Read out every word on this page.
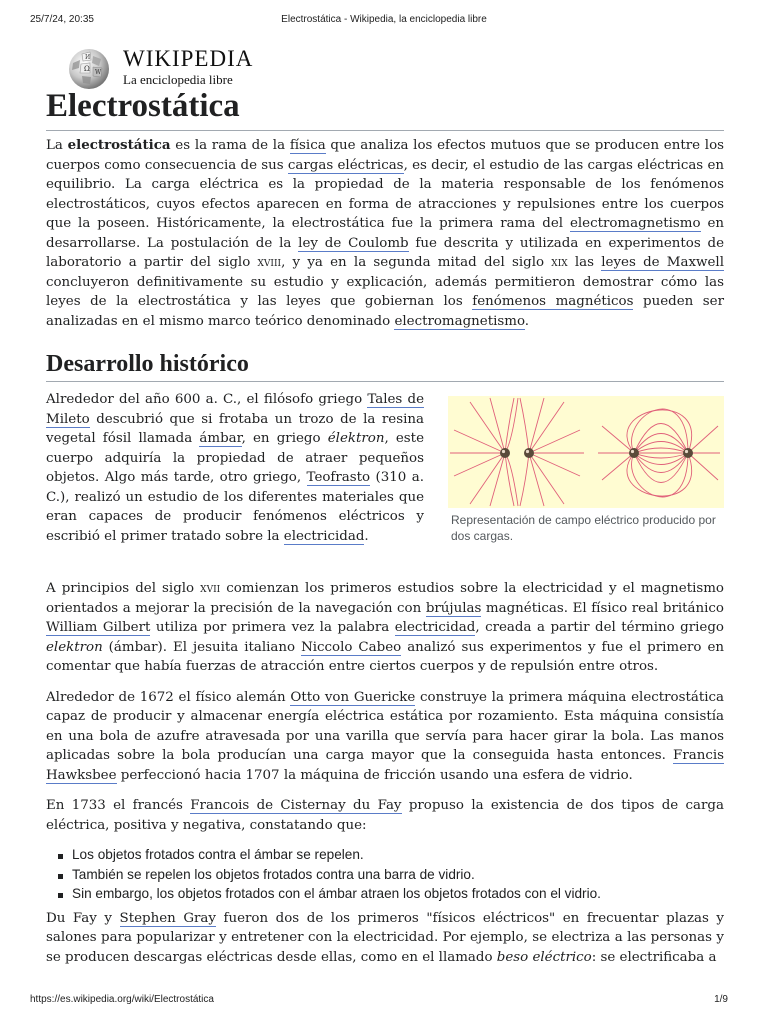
25/7/24, 20:35	Electrostática - Wikipedia, la enciclopedia libre
Ω W
И WIKIPEDIA
La enciclopedia libre
Electrostática

La electrostática es la rama de la física que analiza los efectos mutuos que se producen entre los cuerpos como consecuencia de sus cargas eléctricas, es decir, el estudio de las cargas eléctricas en equilibrio. La carga eléctrica es la propiedad de la materia responsable de los fenómenos electrostáticos, cuyos efectos aparecen en forma de atracciones y repulsiones entre los cuerpos que la poseen. Históricamente, la electrostática fue la primera rama del electromagnetismo en desarrollarse. La postulación de la ley de Coulomb fue descrita y utilizada en experimentos de laboratorio a partir del siglo xviii, y ya en la segunda mitad del siglo xix las leyes de Maxwell concluyeron definitivamente su estudio y explicación, además permitieron demostrar cómo las leyes de la electrostática y las leyes que gobiernan los fenómenos magnéticos pueden ser analizadas en el mismo marco teórico denominado electromagnetismo.

Desarrollo histórico

Alrededor del año 600 a. C., el filósofo griego Tales de Mileto descubrió que si frotaba un trozo de la resina vegetal fósil llamada ámbar, en griego élektron, este cuerpo adquiría la propiedad de atraer pequeños objetos. Algo más tarde, otro griego, Teofrasto (310 a. C.), realizó un estudio de los diferentes materiales que eran capaces de producir fenómenos eléctricos y escribió el primer tratado sobre la electricidad.

Representación de campo eléctrico producido por dos cargas.

A principios del siglo xvii comienzan los primeros estudios sobre la electricidad y el magnetismo orientados a mejorar la precisión de la navegación con brújulas magnéticas. El físico real británico William Gilbert utiliza por primera vez la palabra electricidad, creada a partir del término griego elektron (ámbar). El jesuita italiano Niccolo Cabeo analizó sus experimentos y fue el primero en comentar que había fuerzas de atracción entre ciertos cuerpos y de repulsión entre otros.

Alrededor de 1672 el físico alemán Otto von Guericke construye la primera máquina electrostática capaz de producir y almacenar energía eléctrica estática por rozamiento. Esta máquina consistía en una bola de azufre atravesada por una varilla que servía para hacer girar la bola. Las manos aplicadas sobre la bola producían una carga mayor que la conseguida hasta entonces. Francis Hawksbee perfeccionó hacia 1707 la máquina de fricción usando una esfera de vidrio.

En 1733 el francés Francois de Cisternay du Fay propuso la existencia de dos tipos de carga eléctrica, positiva y negativa, constatando que:

Los objetos frotados contra el ámbar se repelen.
También se repelen los objetos frotados contra una barra de vidrio.
Sin embargo, los objetos frotados con el ámbar atraen los objetos frotados con el vidrio.

Du Fay y Stephen Gray fueron dos de los primeros "físicos eléctricos" en frecuentar plazas y salones para popularizar y entretener con la electricidad. Por ejemplo, se electriza a las personas y se producen descargas eléctricas desde ellas, como en el llamado beso eléctrico: se electrificaba a

https://es.wikipedia.org/wiki/Electrostática	1/9
